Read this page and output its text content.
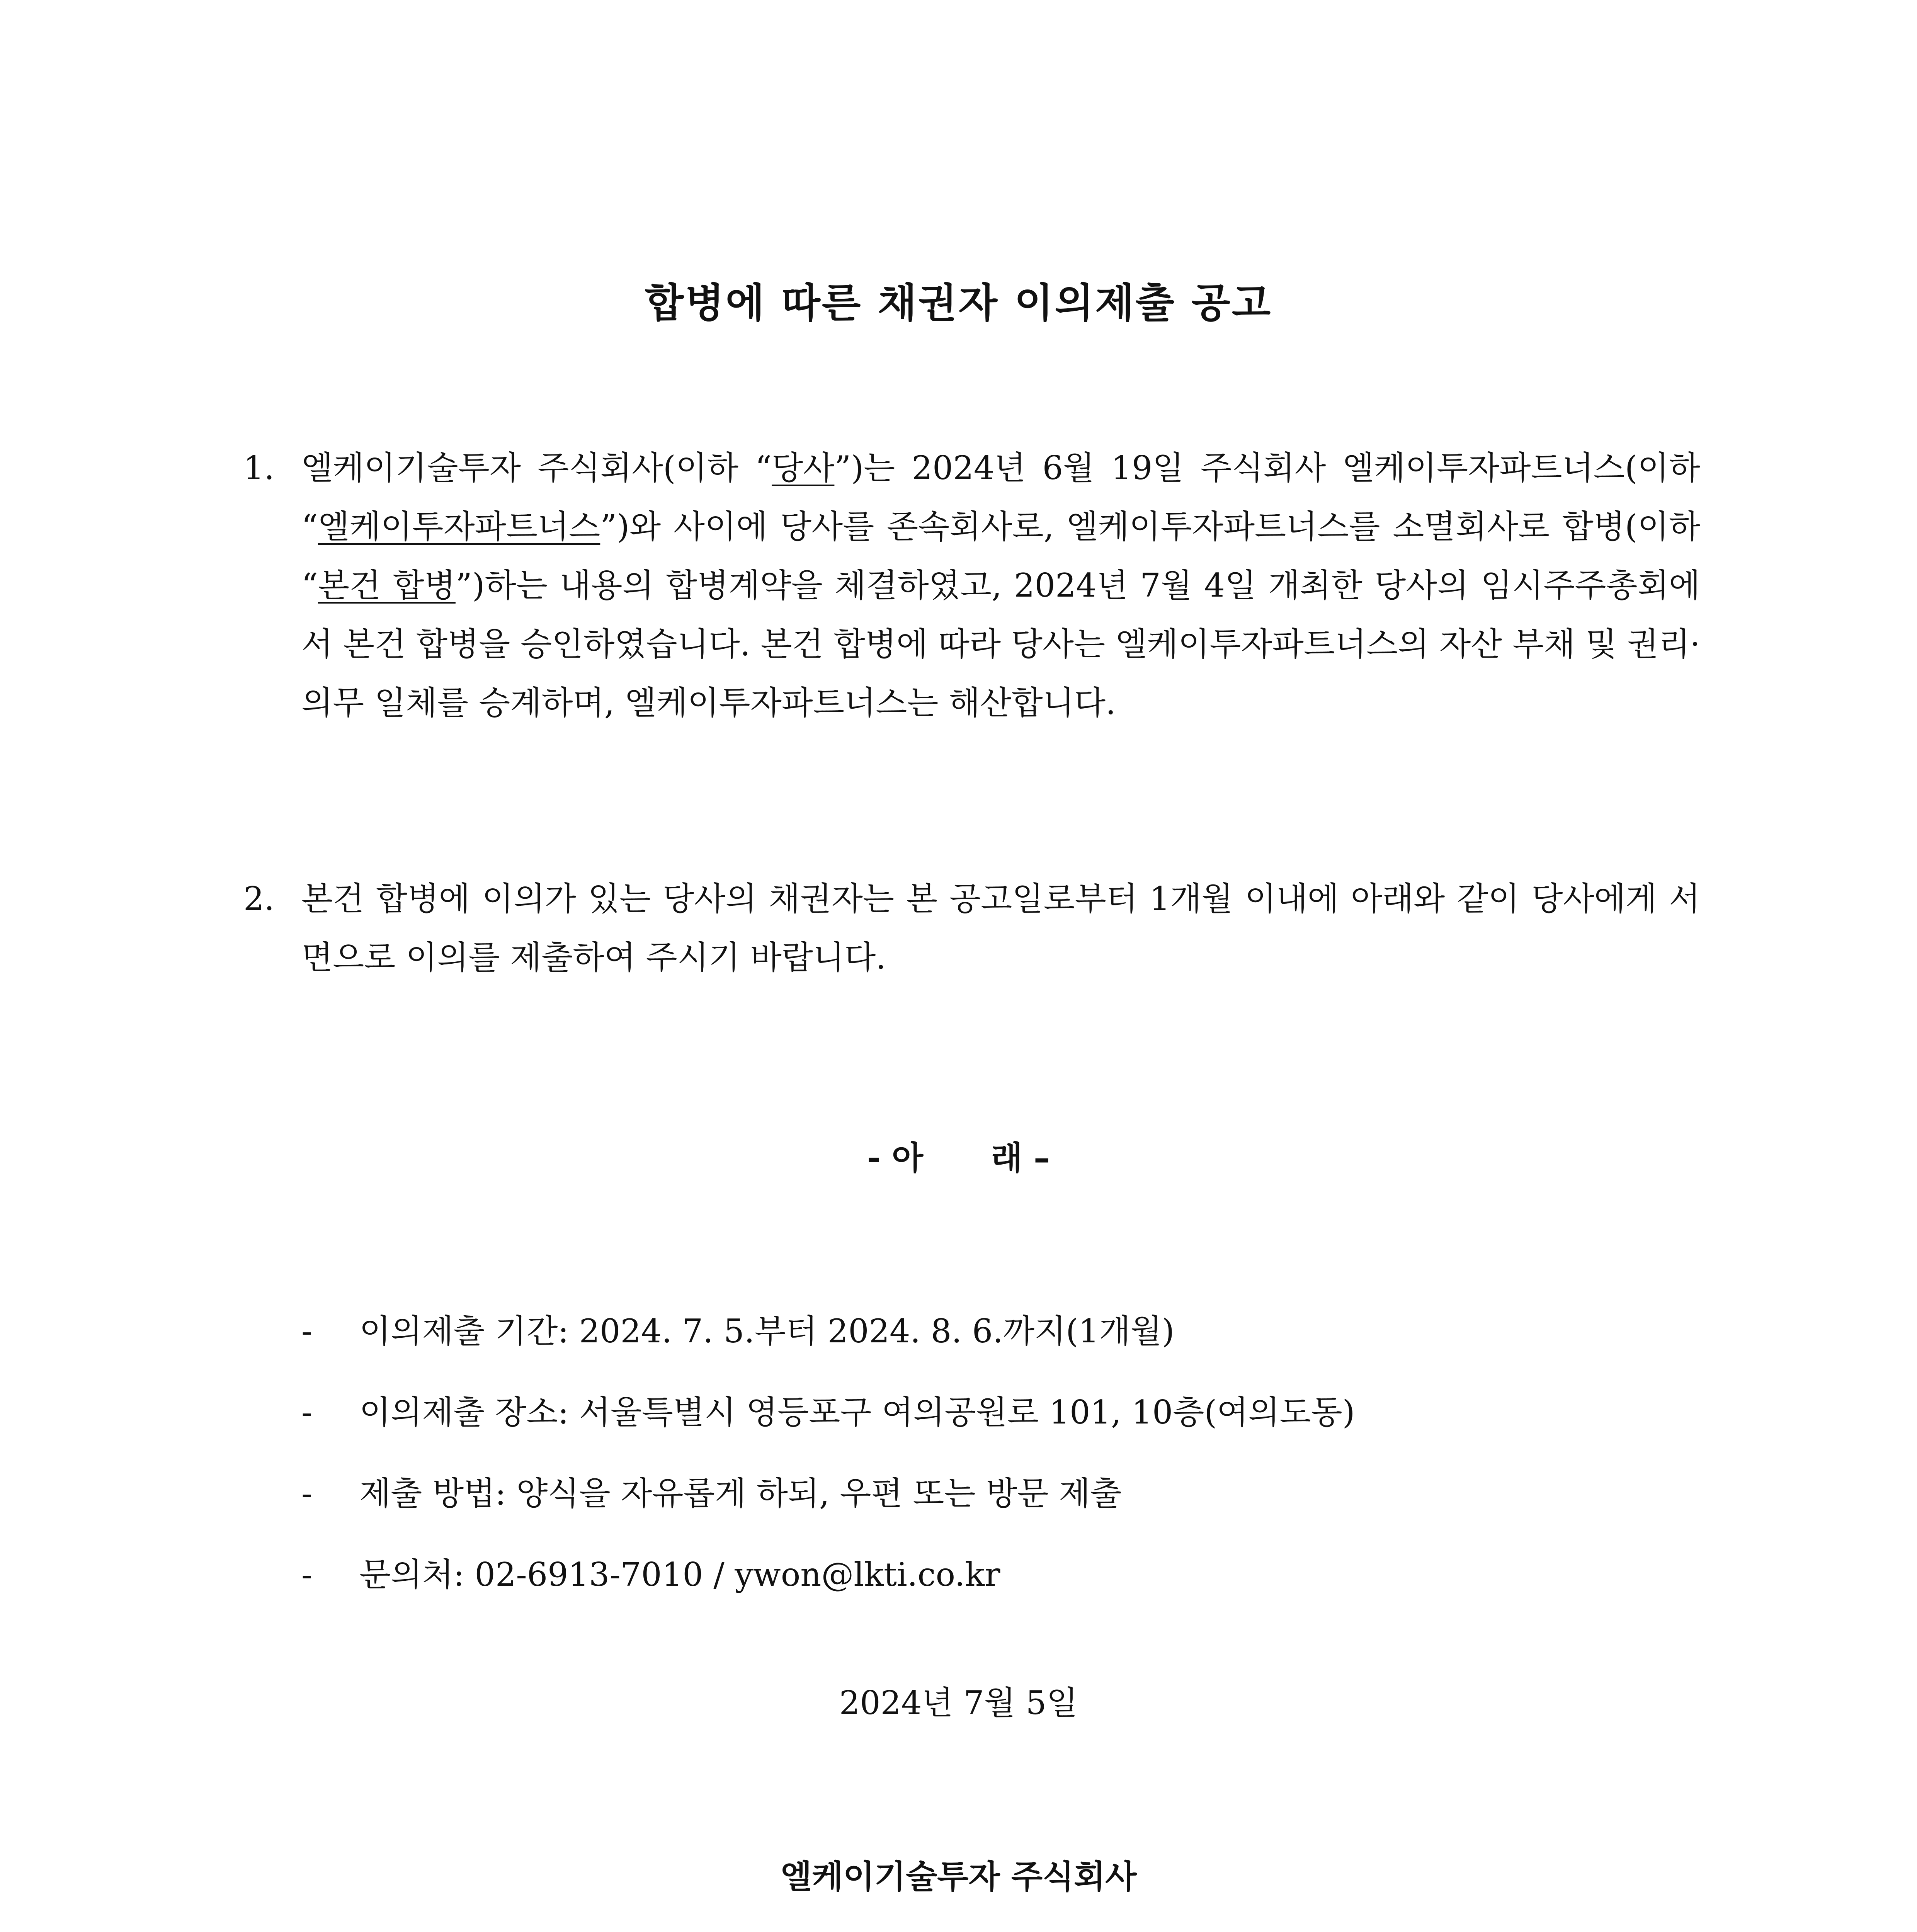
합병에 따른 채권자 이의제출 공고
1. 엘케이기술투자 주식회사(이하 “당사”)는 2024년 6월 19일 주식회사 엘케이투자파트너스(이하 “엘케이투자파트너스”)와 사이에 당사를 존속회사로, 엘케이투자파트너스를 소멸회사로 합병(이하 “본건 합병”)하는 내용의 합병계약을 체결하였고, 2024년 7월 4일 개최한 당사의 임시주주총회에서 본건 합병을 승인하였습니다. 본건 합병에 따라 당사는 엘케이투자파트너스의 자산 부채 및 권리·의무 일체를 승계하며, 엘케이투자파트너스는 해산합니다.
2. 본건 합병에 이의가 있는 당사의 채권자는 본 공고일로부터 1개월 이내에 아래와 같이 당사에게 서면으로 이의를 제출하여 주시기 바랍니다.
- 아      래 –
- 이의제출 기간: 2024. 7. 5.부터 2024. 8. 6.까지(1개월)
- 이의제출 장소: 서울특별시 영등포구 여의공원로 101, 10층(여의도동)
- 제출 방법: 양식을 자유롭게 하되, 우편 또는 방문 제출
- 문의처: 02-6913-7010 / ywon@lkti.co.kr
2024년 7월 5일
엘케이기술투자 주식회사
